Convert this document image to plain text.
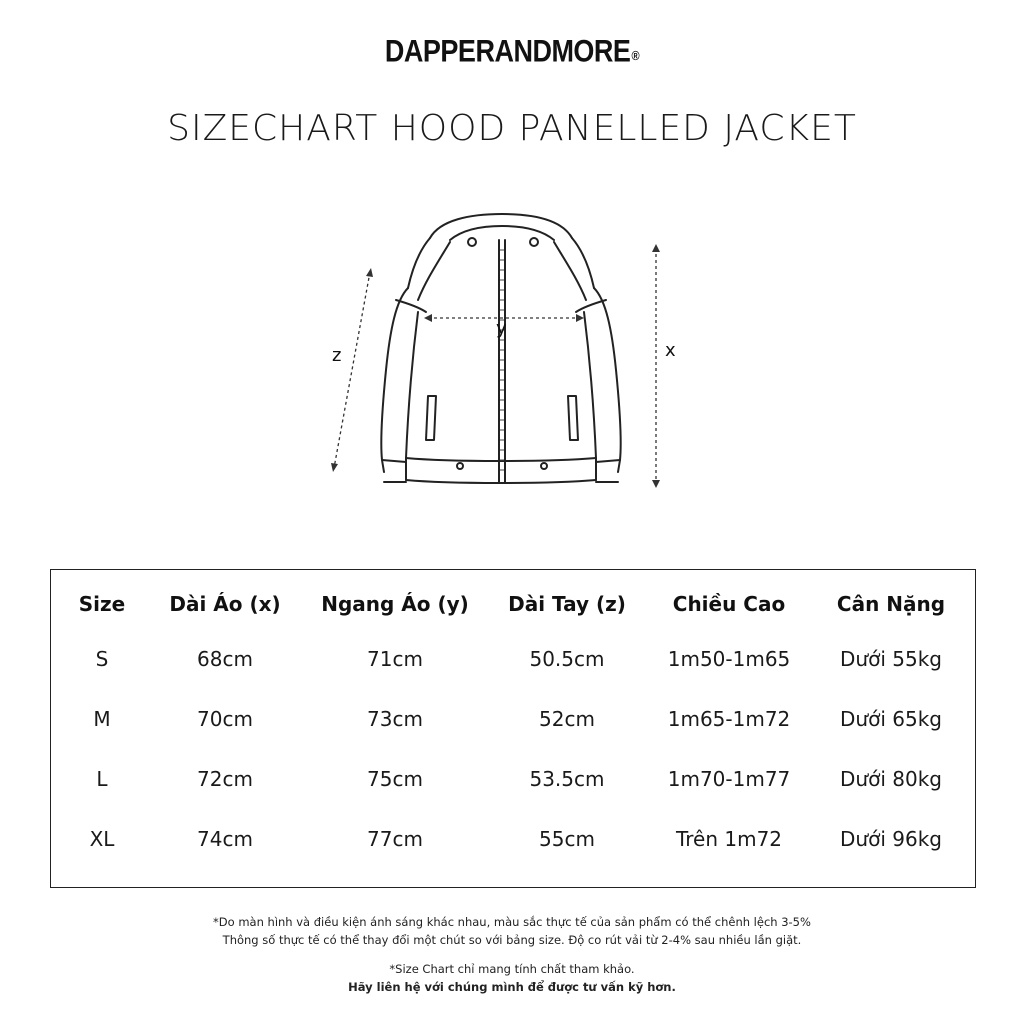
DAPPERANDMORE®
SIZECHART HOOD PANELLED JACKET
z
y
x
Size	Dài Áo (x)	Ngang Áo (y)	Dài Tay (z)	Chiều Cao	Cân Nặng
S	68cm	71cm	50.5cm	1m50-1m65	Dưới 55kg
M	70cm	73cm	52cm	1m65-1m72	Dưới 65kg
L	72cm	75cm	53.5cm	1m70-1m77	Dưới 80kg
XL	74cm	77cm	55cm	Trên 1m72	Dưới 96kg
*Do màn hình và điều kiện ánh sáng khác nhau, màu sắc thực tế của sản phẩm có thể chênh lệch 3-5%
Thông số thực tế có thể thay đổi một chút so với bảng size. Độ co rút vải từ 2-4% sau nhiều lần giặt.
*Size Chart chỉ mang tính chất tham khảo.
Hãy liên hệ với chúng mình để được tư vấn kỹ hơn.
